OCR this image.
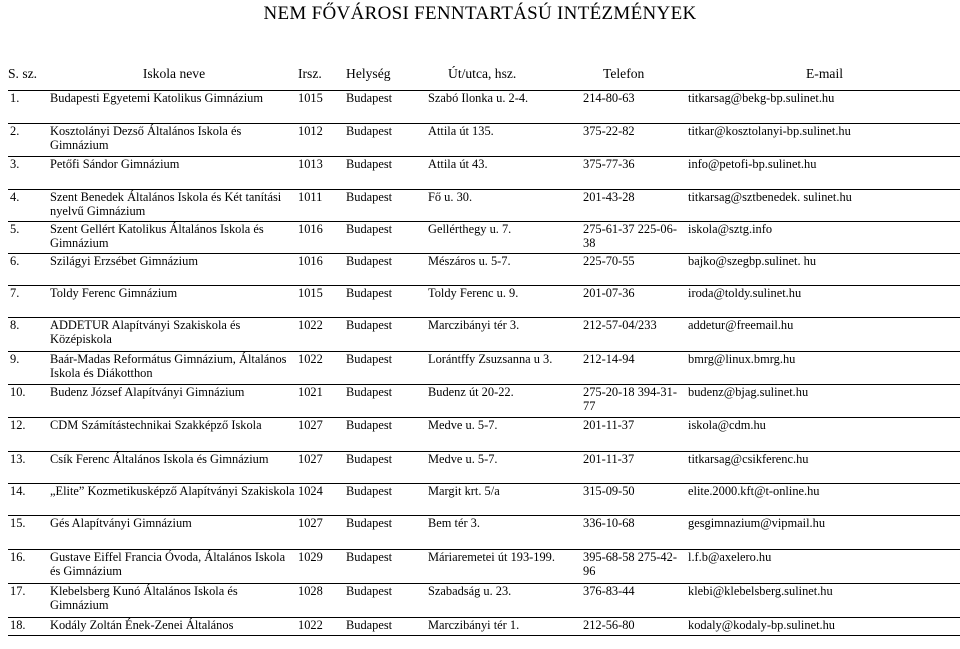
NEM FŐVÁROSI FENNTARTÁSÚ INTÉZMÉNYEK
S. sz.	Iskola neve	Irsz.	Helység	Út/utca, hsz.	Telefon	E-mail
1.	Budapesti Egyetemi Katolikus Gimnázium	1015	Budapest	Szabó Ilonka u. 2-4.	214-80-63	titkarsag@bekg-bp.sulinet.hu
2.	Kosztolányi Dezső Általános Iskola és Gimnázium	1012	Budapest	Attila út 135.	375-22-82	titkar@kosztolanyi-bp.sulinet.hu
3.	Petőfi Sándor Gimnázium	1013	Budapest	Attila út 43.	375-77-36	info@petofi-bp.sulinet.hu
4.	Szent Benedek Általános Iskola és Két tanítási nyelvű Gimnázium	1011	Budapest	Fő u. 30.	201-43-28	titkarsag@sztbenedek. sulinet.hu
5.	Szent Gellért Katolikus Általános Iskola és Gimnázium	1016	Budapest	Gellérthegy u. 7.	275-61-37 225-06-38	iskola@sztg.info
6.	Szilágyi Erzsébet Gimnázium	1016	Budapest	Mészáros u. 5-7.	225-70-55	bajko@szegbp.sulinet. hu
7.	Toldy Ferenc Gimnázium	1015	Budapest	Toldy Ferenc u. 9.	201-07-36	iroda@toldy.sulinet.hu
8.	ADDETUR Alapítványi Szakiskola és Középiskola	1022	Budapest	Marczibányi tér 3.	212-57-04/233	addetur@freemail.hu
9.	Baár-Madas Református Gimnázium, Általános Iskola és Diákotthon	1022	Budapest	Lorántffy Zsuzsanna u 3.	212-14-94	bmrg@linux.bmrg.hu
10.	Budenz József Alapítványi Gimnázium	1021	Budapest	Budenz út 20-22.	275-20-18 394-31-77	budenz@bjag.sulinet.hu
12.	CDM Számítástechnikai Szakképző Iskola	1027	Budapest	Medve u. 5-7.	201-11-37	iskola@cdm.hu
13.	Csík Ferenc Általános Iskola és Gimnázium	1027	Budapest	Medve u. 5-7.	201-11-37	titkarsag@csikferenc.hu
14.	„Elite” Kozmetikusképző Alapítványi Szakiskola	1024	Budapest	Margit krt. 5/a	315-09-50	elite.2000.kft@t-online.hu
15.	Gés Alapítványi Gimnázium	1027	Budapest	Bem tér 3.	336-10-68	gesgimnazium@vipmail.hu
16.	Gustave Eiffel Francia Óvoda, Általános Iskola és Gimnázium	1029	Budapest	Máriaremetei út 193-199.	395-68-58 275-42-96	l.f.b@axelero.hu
17.	Klebelsberg Kunó Általános Iskola és Gimnázium	1028	Budapest	Szabadság u. 23.	376-83-44	klebi@klebelsberg.sulinet.hu
18.	Kodály Zoltán Ének-Zenei Általános	1022	Budapest	Marczibányi tér 1.	212-56-80	kodaly@kodaly-bp.sulinet.hu
